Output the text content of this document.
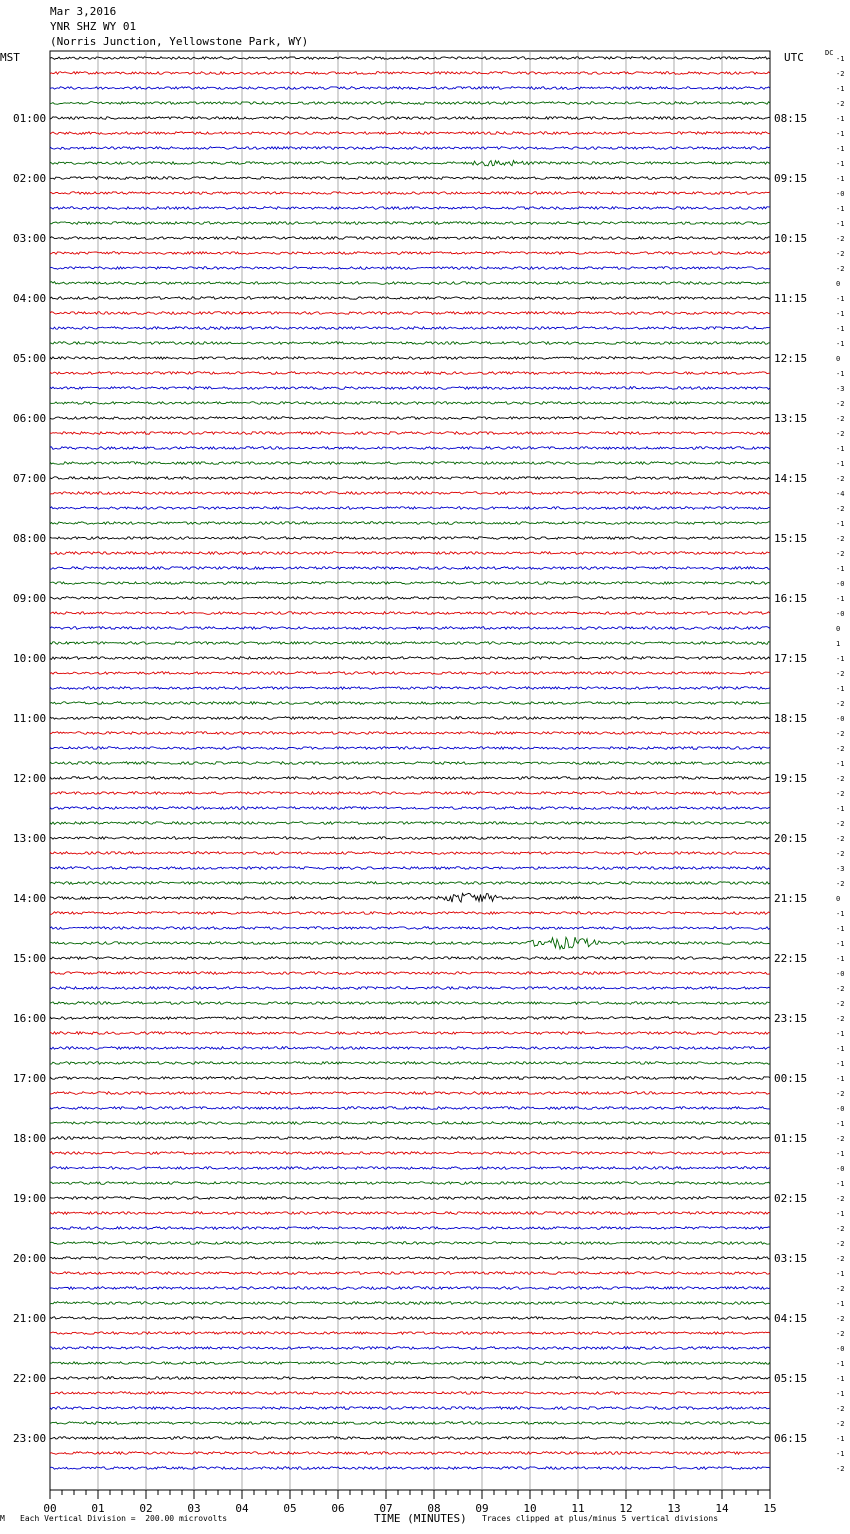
Mar 3,2016
YNR SHZ WY 01
(Norris Junction, Yellowstone Park, WY)
MST	UTC	DC
-1
-2
-1
-2
-1
-1
-1
-1
-1
-0
-1
-1
-2
-2
-2
0
-1
-1
-1
-1
0
-1
-3
-2
-2
-2
-1
-1
-2
-4
-2
-1
-2
-2
-1
-0
-1
-0
0
1
-1
-2
-1
-2
-0
-2
-2
-1
-2
-2
-1
-2
-2
-2
-3
-2
0
-1
-1
-1
-1
-0
-2
-2
-2
-1
-1
-1
-1
-2
-0
-1
-2
-1
-0
-1
-2
-1
-2
-2
-2
-1
-2
-1
-2
-2
-0
-1
-1
-1
-2
-2
-1
-1
-2
01:00	08:15
02:00	09:15
03:00	10:15
04:00	11:15
05:00	12:15
06:00	13:15
07:00	14:15
08:00	15:15
09:00	16:15
10:00	17:15
11:00	18:15
12:00	19:15
13:00	20:15
14:00	21:15
15:00	22:15
16:00	23:15
17:00	00:15
18:00	01:15
19:00	02:15
20:00	03:15
21:00	04:15
22:00	05:15
23:00	06:15
00	01	02	03	04	05	06	07	08	09	10	11	12	13	14	15
M Each Vertical Division =  200.00 microvolts	TIME (MINUTES) Traces clipped at plus/minus 5 vertical divisions
